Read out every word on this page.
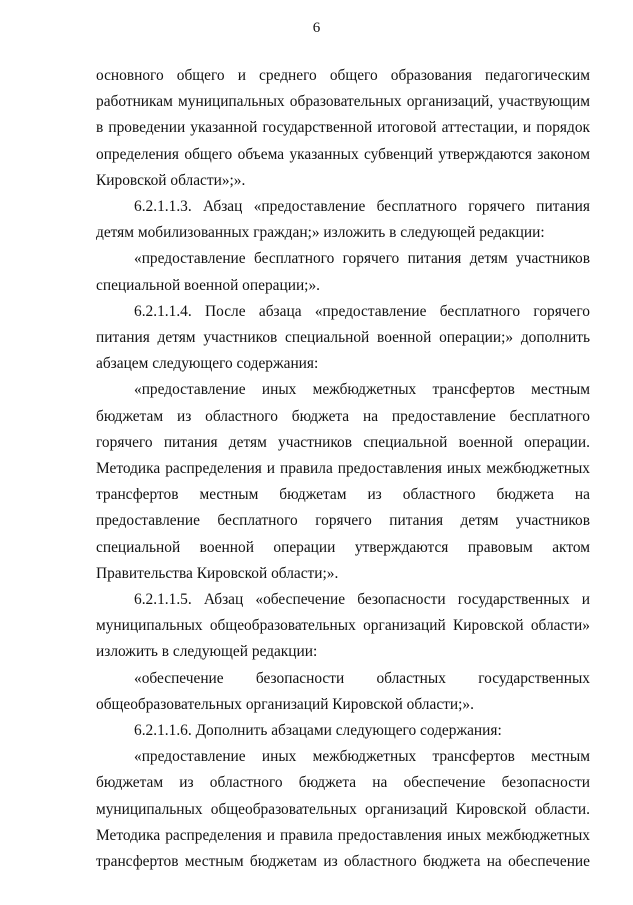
6

основного общего и среднего общего образования педагогическим работникам муниципальных образовательных организаций, участвующим в проведении указанной государственной итоговой аттестации, и порядок определения общего объема указанных субвенций утверждаются законом Кировской области»;».

6.2.1.1.3. Абзац «предоставление бесплатного горячего питания детям мобилизованных граждан;» изложить в следующей редакции:

«предоставление бесплатного горячего питания детям участников специальной военной операции;».

6.2.1.1.4. После абзаца «предоставление бесплатного горячего питания детям участников специальной военной операции;» дополнить абзацем следующего содержания:

«предоставление иных межбюджетных трансфертов местным бюджетам из областного бюджета на предоставление бесплатного горячего питания детям участников специальной военной операции. Методика распределения и правила предоставления иных межбюджетных трансфертов местным бюджетам из областного бюджета на предоставление бесплатного горячего питания детям участников специальной военной операции утверждаются правовым актом Правительства Кировской области;».

6.2.1.1.5. Абзац «обеспечение безопасности государственных и муниципальных общеобразовательных организаций Кировской области» изложить в следующей редакции:

«обеспечение безопасности областных государственных общеобразовательных организаций Кировской области;».

6.2.1.1.6. Дополнить абзацами следующего содержания:

«предоставление иных межбюджетных трансфертов местным бюджетам из областного бюджета на обеспечение безопасности муниципальных общеобразовательных организаций Кировской области. Методика распределения и правила предоставления иных межбюджетных трансфертов местным бюджетам из областного бюджета на обеспечение
